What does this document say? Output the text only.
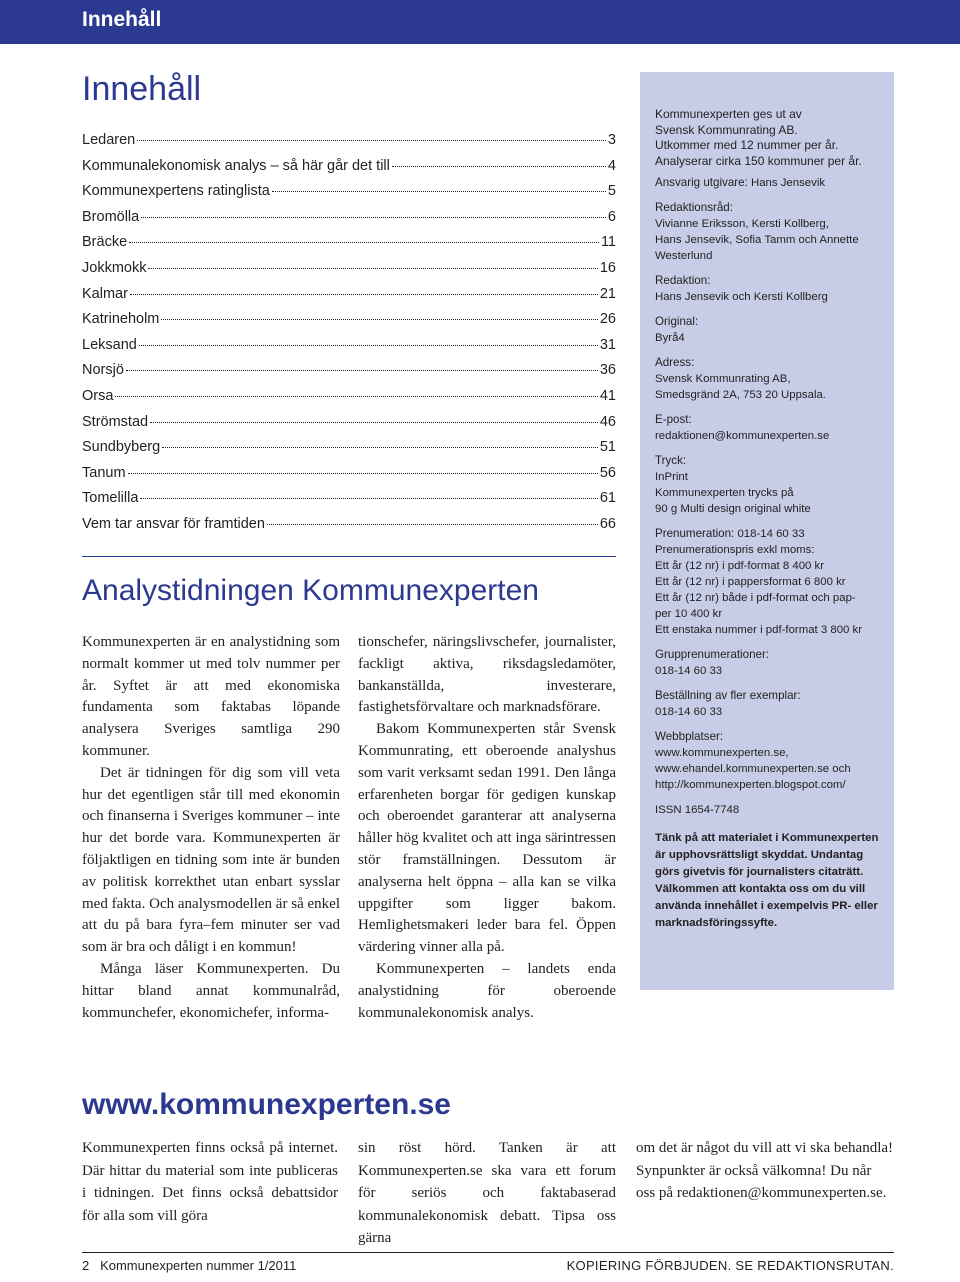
Innehåll
Innehåll
Ledaren	3
Kommunalekonomisk analys – så här går det till	4
Kommunexpertens ratinglista	5
Bromölla	6
Bräcke	11
Jokkmokk	16
Kalmar	21
Katrineholm	26
Leksand	31
Norsjö	36
Orsa	41
Strömstad	46
Sundbyberg	51
Tanum	56
Tomelilla	61
Vem tar ansvar för framtiden	66
Analystidningen Kommunexperten

Kommunexperten är en analystidning som normalt kommer ut med tolv nummer per år. Syftet är att med ekonomiska fundamenta som faktabas löpande analysera Sveriges samtliga 290 kommuner.

Det är tidningen för dig som vill veta hur det egentligen står till med ekonomin och finanserna i Sveriges kommuner – inte hur det borde vara. Kommunexperten är följaktligen en tidning som inte är bunden av politisk korrekthet utan enbart sysslar med fakta. Och analysmodellen är så enkel att du på bara fyra–fem minuter ser vad som är bra och dåligt i en kommun!

Många läser Kommunexperten. Du hittar bland annat kommunalråd, kommunchefer, ekonomichefer, informa-

tionschefer, näringslivschefer, journalister, fackligt aktiva, riksdagsledamöter, bankanställda, investerare, fastighetsförvaltare och marknadsförare.

Bakom Kommunexperten står Svensk Kommunrating, ett oberoende analyshus som varit verksamt sedan 1991. Den långa erfarenheten borgar för gedigen kunskap och oberoendet garanterar att analyserna håller hög kvalitet och att inga särintressen stör framställningen. Dessutom är analyserna helt öppna – alla kan se vilka uppgifter som ligger bakom. Hemlighetsmakeri leder bara fel. Öppen värdering vinner alla på.

Kommunexperten – landets enda analystidning för oberoende kommunalekonomisk analys.

Kommunexperten ges ut av
Svensk Kommunrating AB.
Utkommer med 12 nummer per år.
Analyserar cirka 150 kommuner per år.
Ansvarig utgivare: Hans Jensevik
Redaktionsråd:
Vivianne Eriksson, Kersti Kollberg,
Hans Jensevik, Sofia Tamm och Annette
Westerlund
Redaktion:
Hans Jensevik och Kersti Kollberg
Original:
Byrå4
Adress:
Svensk Kommunrating AB,
Smedsgränd 2A, 753 20 Uppsala.
E-post:
redaktionen@kommunexperten.se
Tryck:
InPrint
Kommunexperten trycks på
90 g Multi design original white
Prenumeration: 018-14 60 33
Prenumerationspris exkl moms:
Ett år (12 nr) i pdf-format 8 400 kr
Ett år (12 nr) i pappersformat 6 800 kr
Ett år (12 nr) både i pdf-format och pap-
per 10 400 kr
Ett enstaka nummer i pdf-format 3 800 kr
Grupprenumerationer:
018-14 60 33
Beställning av fler exemplar:
018-14 60 33
Webbplatser:
www.kommunexperten.se,
www.ehandel.kommunexperten.se och
http://kommunexperten.blogspot.com/
ISSN 1654-7748
Tänk på att materialet i Kommunexperten är upphovsrättsligt skyddat. Undantag görs givetvis för journalisters citaträtt. Välkommen att kontakta oss om du vill använda innehållet i exempelvis PR- eller marknadsföringssyfte.
www.kommunexperten.se

Kommunexperten finns också på internet. Där hittar du material som inte publiceras i tidningen. Det finns också debattsidor för alla som vill göra

sin röst hörd. Tanken är att Kommunexperten.se ska vara ett forum för seriös och faktabaserad kommunalekonomisk debatt. Tipsa oss gärna

om det är något du vill att vi ska behandla! Synpunkter är också välkomna! Du når oss på redaktionen@kommunexperten.se.

2   Kommunexperten nummer 1/2011	KOPIERING FÖRBJUDEN. SE REDAKTIONSRUTAN.
